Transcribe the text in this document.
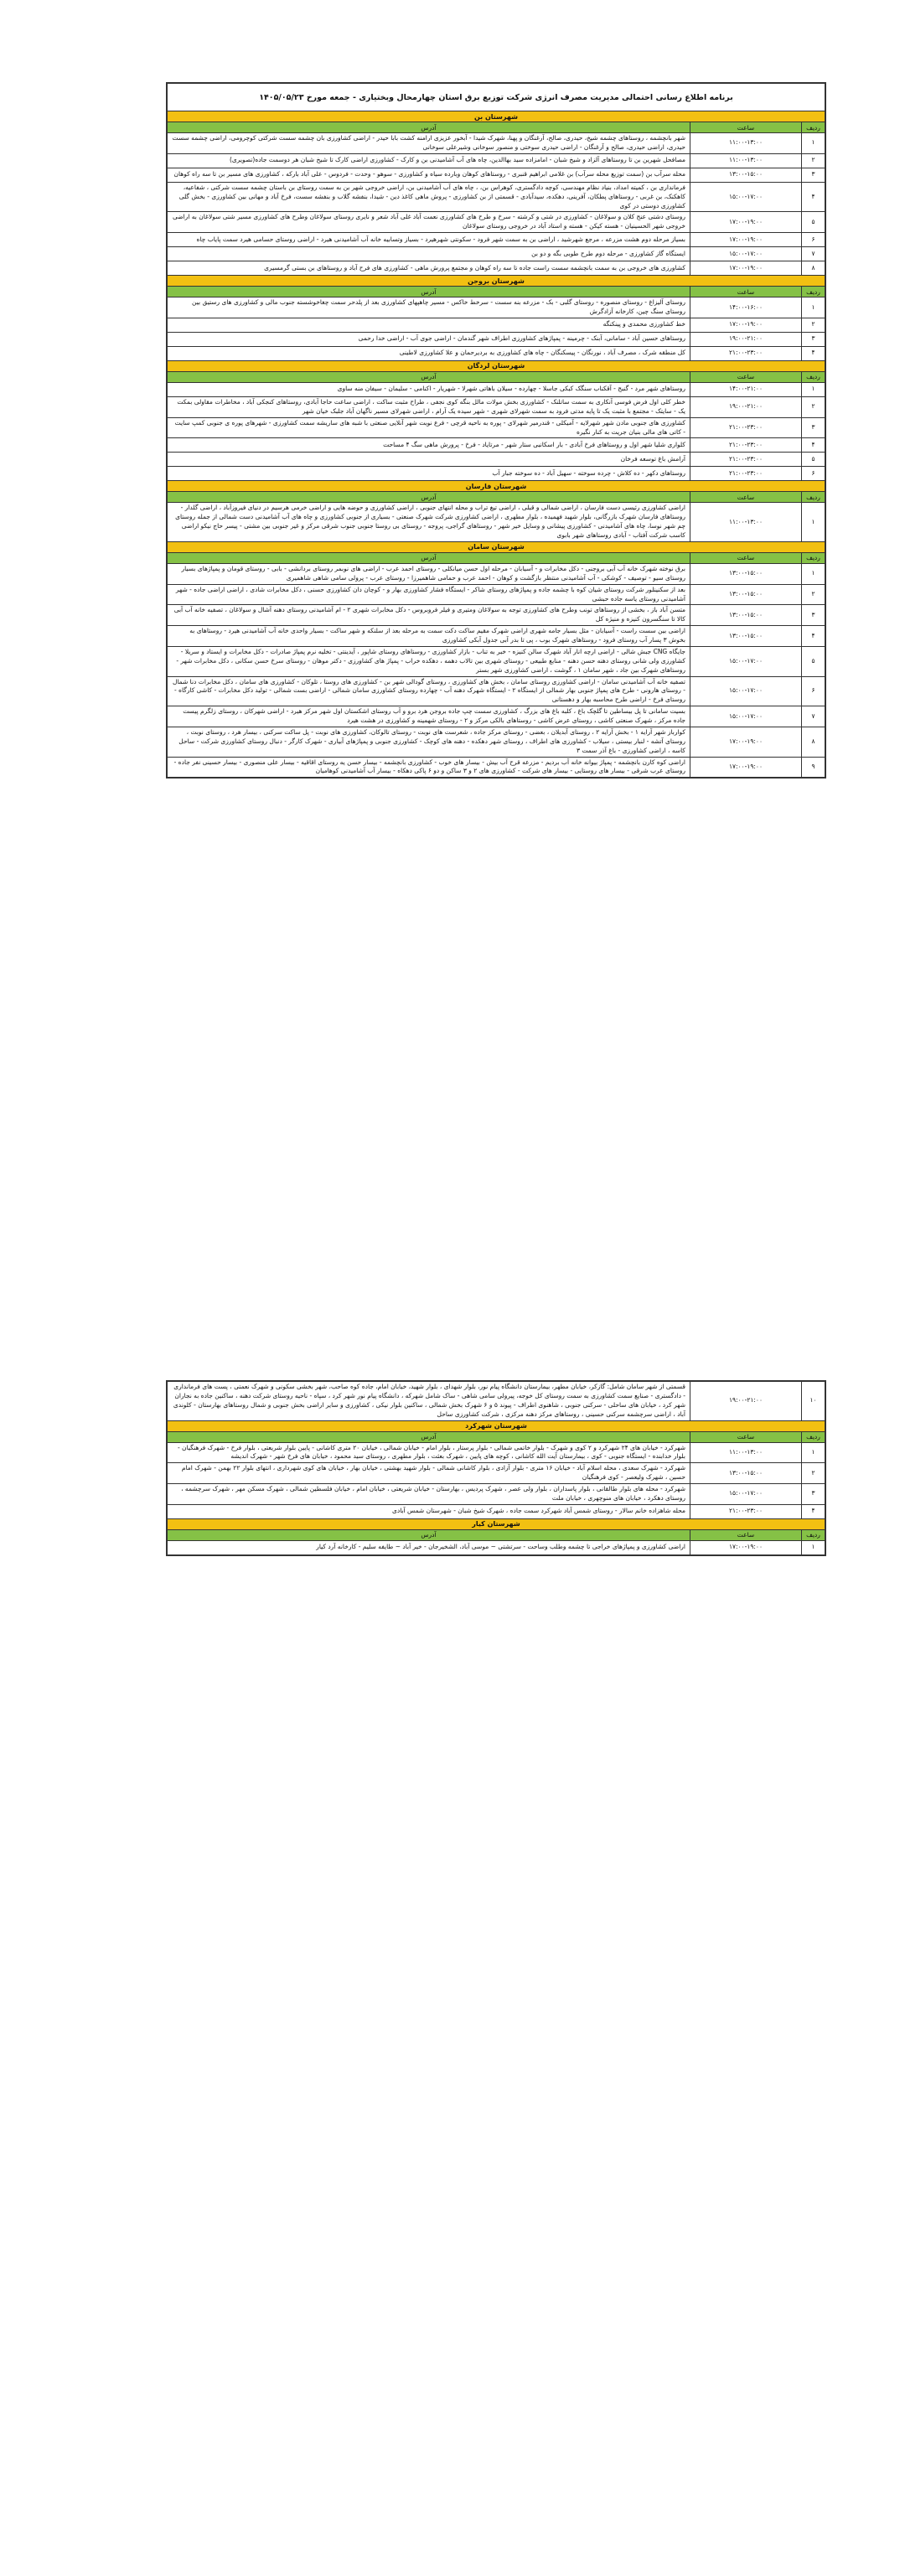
برنامه اطلاع رسانی احتمالی مدیریت مصرف انرژی شرکت توزیع برق استان چهارمحال وبختیاری - جمعه مورخ ۱۴۰۵/۰۵/۲۳		
شهرستان بن		
ردیف	ساعت	آدرس
۱	۱۱:۰۰-۱۳:۰۰	شهر بانچشمه ، روستاهای چشمه شیخ، حیدری، صالح، آرغنگان و پهنا، شهرک شیدا - آبخور عزیزی ارامنه کشت بابا حیدر - اراضی کشاورزی بان چشمه سست شرکتی کوچرومی، اراضی چشمه سست حیدری، اراضی حیدری، صالح و آرغنگان - اراضی حیدری سوختی و منصور سوخانی وشیرعلی سوخانی
۲	۱۱:۰۰-۱۳:۰۰	مصافحل شهرین بن تا روستاهای آلزاد و شیخ شبان - امامزاده سید بهاالدین، چاه های آب آشامیدنی بن و کارک - کشاورزی اراضی کارک تا شیخ شبان هر دوسمت جاده(تصویری)
۳	۱۳:۰۰-۱۵:۰۰	محله سرآب بن (سمت توزیع محله سرآب) بن غلامی ابراهیم قنبری - روستاهای کوهان وبارده سیاه و کشاورزی - سوهو - وحدت - فردوس - علی آباد بارکه ، کشاورزی های مسیر بن تا سه راه کوهان
۴	۱۵:۰۰-۱۷:۰۰	فرمانداری بن ، کمیته امداد، بنیاد نظام مهندسی، کوچه دادگستری، کوهراس بن، ، چاه های آب آشامیدنی بن، اراضی خروجی شهر بن به سمت روستای بن باستان چشمه سست شرکتی ، شفاعیه، کاهکنک، بن غربی - روستاهای پطکان، آفرینی، دهکده، سیدآبادی - قسمتی از بن کشاورزی - پروش ماهی کاغذ دین - شیدا، بنفشه گلاب و بنفشه سست، فرخ آباد و مهانی بین کشاورزی - بخش گلی کشاورزی دوستی در کوی
۵	۱۷:۰۰-۱۹:۰۰	روستای دشتی عنج کلان و سولاغان - کشاورزی در شتی و کرشته - سرخ و طرح های کشاورزی نعمت آباد غلی آباد شعر و نایری روستای سولاغان وطرح های کشاورزی مسیر شتی سولاغان به اراضی خروجی شهر الحسینیان - هسته کیکن - هسته و استاد آباد در خروجی روستای سولاغان
۶	۱۷:۰۰-۱۹:۰۰	بسیاز مرحله دوم هشت مزرعه ، مرجع شهرشید ، اراضی بن به سمت شهر فرود - سکونتی شهرهیرد - بسیاز وتسابیه خانه آب آشامیدنی هیرد - اراضی روستای حسامی هیرد سمت پایاب چاه
۷	۱۵:۰۰-۱۷:۰۰	ایستگاه گاز کشاورزی - مرحله دوم طرح طوبی بگه و دو بن
۸	۱۷:۰۰-۱۹:۰۰	کشاورزی های خروجی بن به سمت بانچشمه سست راست جاده تا سه راه کوهان و مجتمع پرورش ماهی - کشاورزی های فرح آباد و روستاهای بن بستی گرمسیری
شهرستان بروجن		
ردیف	ساعت	آدرس
۱	۱۴:۰۰-۱۶:۰۰	روستای آلیزاغ - روستای منصوره - روستای گلبی - بک - مزرعه بنه سست - سرخط خاکس - مسیر چاهپهای کشاورزی بعد از پلدحر سمت چغاخوشسته جنوب مالی و کشاورزی های رستیق بین روستای سنگ چین، کارخانه آزادگرش
۲	۱۷:۰۰-۱۹:۰۰	خط کشاورزی محمدی و پینکنگه
۳	۱۹:۰۰-۲۱:۰۰	روستاهای حسین آباد - سامانی، آبنک - چرمینه - پمپاژهای کشاورزی اطراف شهر گندمان - اراضی جوی آب - اراضی خدا رحمی
۴	۲۱:۰۰-۲۳:۰۰	کل منطقه شرک ، مصرف آباد ، نورنگان - پیسکنگان - چاه های کشاورزی به بردیرحمان و علا کشاورزی لاطینی
شهرستان لردگان		
ردیف	ساعت	آدرس
۱	۱۴:۰۰-۲۱:۰۰	روستاهای شهر مرد - گنبج - آقکناب سنگک کبکی جاسلا - چهارده - سیلان باهاتی شهرلا - شهریار - اکنامی - سلیمان - سیفان منه ساوی
۲	۱۹:۰۰-۲۱:۰۰	خطر کلی اول فرض فوسی آنکاری به سمت ساتلنک - کشاورزی بخش مولات مالل بنگه کوی نجفی ، طراح مثبت ساکت ، اراضی ساعت حاجا آبادی، روستاهای کنجکی آباد ، مخاطرات مقاولی بمکت یک - سایتک - مجتمع با مثبت یک تا پایه مدتی فرود به سمت شهرلای شهری - شهر سیده یک آرام ، اراضی شهرلای مسیر ناگهان آباد جلبک خیان شهر
۳	۲۱:۰۰-۲۳:۰۰	کشاورزی های جنوبی مادن شهر شهرلایه - آمیکلی - قندرمیر شهرلای - پوره به ناحیه قرچی - فرع نوبت شهر آنلایی صنعتی با شبه های ساریشه سمت کشاورزی - شهرهای پوره ی جنوبی کمپ سایت - کاتی های مالی بنیان جریت به کنار نگیره
۴	۲۱:۰۰-۲۳:۰۰	کلواری شلیا شهر اول و روستاهای فرخ آبادی - بار اسکانبی ستار شهر - مرتایاد - فرخ - پرورش ماهی سگ ۴ مساحت
۵	۲۱:۰۰-۲۳:۰۰	آرامش باغ توسعه فرخان
۶	۲۱:۰۰-۲۳:۰۰	روستاهای دکهر - ده کلاش - چرده سوخته - سهیل آباد - ده سوخته جبار آب
شهرستان فارسان		
ردیف	ساعت	آدرس
۱	۱۱:۰۰-۱۳:۰۰	اراضی کشاورزی رئیسی دست فارسان ، اراضی شمالی و قبلی ، اراضی تیغ تراب و محله انتهای جنوبی ، اراضی کشاورزی و حوضه هایی و اراضی خرمی هرسیم در دنیای فیروزآباد ، اراضی گلدار - روستاهای فارسان شهرک بازرگانی، بلوار شهید فهمیده ، بلوار مطهری ، اراضی کشاورزی شرکت شهرک صنعتی - بسیاری از جنوبی کشاورزی و چاه های آب آشامیدنی دست شمالی از جمله روستای چم شهر نوسا، چاه های آشامیدنی - کشاورزی پیشانی و وسایل خیر شهر - روستاهای گراجی، پروجه - روستای بی روستا جنوبی جنوب شرقی مرکز و غیر جنوبی بین مشتی - پیسر حاج نیکو اراضی کاسب شرکت آفتاب - آبادی روستاهای شهر بابوی
شهرستان سامان		
ردیف	ساعت	آدرس
۱	۱۳:۰۰-۱۵:۰۰	برق نوخته شهرک خانه آب آبی بروجنی - دکل مخابرات و - آسیابان - مرحله اول حسن میانکلی - روستای احمد عرب - اراضی های نوبمر روستای بردانشی - بابی - روستای قومان و پمپاژهای بسیار روستای سیو - توصیف - کوشکی - آب آشامیدنی منتظر بازگشت و کوهان - احمد عرب و حمامی شاهمیرزا - روستای عرب - پرولی سامی شاهی شاهمیری
۲	۱۳:۰۰-۱۵:۰۰	بعد از سکنینلور شرکت روستای شیان کوه با چشمه جاده و پمپاژهای روستای شاکر - ایستگاه فشار کشاورزی بهار و - کوچان دان کشاورزی حسنی ، دکل مخابرات شادی ، اراضی اراضی جاده - شهر آشامیدنی روستای یاسه جاده حبشی
۳	۱۳:۰۰-۱۵:۰۰	متسن آباد باز ، بخشی از روستاهای تونب وطرح های کشاورزی توجه به سولاغان ومتیری و فیلر فروبروس - دکل مخابرات شهری ۲ - ام آشامیدنی روستای دهنه آشال و سولاغان ، تصفیه خانه آب آبی کالا تا سنگسرون کنیزه و منیژه کل
۴	۱۳:۰۰-۱۵:۰۰	اراضی بین سست راست - آسیابان - مثل بسیار جامه شهری اراضی شهرک مقیم ساکت دکت سمت به مرحله بعد از سلنکه و شهر ساکت - بسیار واحدی خانه آب آشامیدنی هیرد - روستاهای به بخوش ۳ پسار آب روستای فرود - روستاهای شهرک بوب ، پی تا بدر آبی جدول آبکی کشاورزی
۵	۱۵:۰۰-۱۷:۰۰	جایگاه CNG جبش شالی - اراضی ارچه انار آباد شهرک سالن کنیزه - خبر به تناب - بازار کشاورزی - روستاهای روستای شاپور ، آیدینتی - تخلیه نرم پمپاژ صادرات - دکل مخابرات و ایستاد و سریلا - کشاورزی ولی شانی روستای دهنه حسن دهنه - منابع طبیعی - روستای شهری بین تالاب دهمه ، دهکده خراب - پمپاژ های کشاورزی - دکتر موهان - روستای سرخ حسن سکانی ، دکل مخابرات شهر - روستاهای شهرک بین جاد ، شهر سامان ۱ ، گوشت ، اراضی کشاورزی شهر بستر
۶	۱۵:۰۰-۱۷:۰۰	تصفیه خانه آب آشامیدنی سامان - اراضی کشاورزی روستای سامان ، بخش های کشاورزی ، روستای گودالی شهر بن - کشاورزی های روستا ، تلوکان - کشاورزی های سامان ، دکل مخابرات دنا شمال - روستای هارونی - طرح های پمپاژ جنوبی بهار شمالی از ایستگاه ۲ - ایستگاه شهرک دهنه آب - چهارده روستای کشاورزی سامان شمالی - اراضی بست شمالی - تولید دکل مخابرات - کاشی کارگاه - روستای فرخ - اراضی طرح محاسبه بهار و دهستانی
۷	۱۵:۰۰-۱۷:۰۰	بسیت سامانی تا پل بیساطین تا گلچک باغ ، کلبه باغ های بزرگ ، کشاورزی سست چپ جاده بروجن هرد برو و آب روستای اشکستان اول شهر مرکز هیرد - اراضی شهرکان ، روستای زلگرم پیست جاده مرکز ، شهرک صنعتی کاشی ، روستای عرض کاشی - روستاهای بالکی مرکز و ۲ - روستای شهمینه و کشاورزی در هشت هیرد
۸	۱۷:۰۰-۱۹:۰۰	کوارباز شهر آرایه ۱ - بخش آرایه ۲ ، روستای آبدیلان ، بعضی - روستای مرکز جاده ، شعرست های نوبت - روستای تالوکان، کشاورزی های نوبت - پل ساکت سرکنی ، بیسار هرد ، روستای نوبت ، روستای آتشه - لنبار بیستی ، سیلاب - کشاورزی های اطراف ، روستای شهر دهکده - دهنه های کوچک - کشاورزی جنوبی و پمپاژهای آبیاری - شهرک کارگر - دنبال روستای کشاورزی شرکت - ساحل کاسه ، اراضی کشاورزی - باغ آذر سمت ۳
۹	۱۷:۰۰-۱۹:۰۰	اراضی کوه کارن بانچشمه - پمپاژ بیوانه خانه آب بردیم - مزرعه قرح آب بیش - بیسار های خوب - کشاورزی بانچشمه - بیسار حسن یه روستای اقاقیه - بیسار علی منصوری - بیسار حسینی نفر جاده - روستای عرب شرقی - بیسار های روستایی - بیسار های شرکت - کشاورزی های ۲ و ۳ ساکن و دو ۶ پاکی دهکاه - بیسار آب آشامیدنی کوهامیان
۱۰	۱۹:۰۰-۲۱:۰۰	قسمتی از شهر سامان شامل: گازکر، خیابان مطهر، بیمارستان دانشگاه پیام نور، بلوار شهدای ، بلوار شهید، خیابان امام، جاده کوه صاحب، شهر بخشی سکونی و شهرک نعمتی ، پست های فرمانداری - دادگستری - صنایع سمت کشاورزی به سمت روستای کل خوجه، پیرولی سامی شاهی - ساک شامل شهرکه ، دانشگاه پیام نور شهر کرد ، سپاه - ناحیه روستای شرکت دهنه ، ساکنین جاده به نجاران شهر کرد ، خیابان های ساحلی - سرکنی جنوبی ، شاهنوی اطراف - پیوند ۵ و ۶ شهرک بخش شمالی ، ساکنین بلوار نیکی ، کشاورزی و سایر اراضی بخش جنوبی و شمال روستاهای بهارستان - کلوندی آباد ، اراضی سرچشمه سرکنی حسینی ، روستاهای مرکز دهنه مرکزی ، شرکت کشاورزی ساحل
شهرستان شهرکرد		
ردیف	ساعت	آدرس
۱	۱۱:۰۰-۱۳:۰۰	شهرکرد - خیابان های ۲۴ شهرکرد و ۲ کوی و شهرک - بلوار خاتمی شمالی - بلوار پرستار ، بلوار امام - خیابان شمالی ، خیابان ۲۰ متری کاشانی - پایین بلوار شریعتی ، بلوار فرخ - شهرک فرهنگیان - بلوار خدابنده - ایستگاه جنوبی - کوی ، بیمارستان آیت الله کاشانی ، کوچه های پایین ، شهرک بعثت ، بلوار مطهری ، روستای سید محمود ، خیابان های فرخ شهر - شهرک اندیشه
۲	۱۳:۰۰-۱۵:۰۰	شهرکرد - شهرک سعدی ، محله اسلام آباد - خیابان ۱۶ متری - بلوار آزادی ، بلوار کاشانی شمالی - بلوار شهید بهشتی ، خیابان بهار ، خیابان های کوی شهرداری ، انتهای بلوار ۲۲ بهمن - شهرک امام حسین ، شهرک ولیعصر - کوی فرهنگیان
۳	۱۵:۰۰-۱۷:۰۰	شهرکرد - محله های بلوار طالقانی ، بلوار پاسداران ، بلوار ولی عصر ، شهرک پردیس ، بهارستان - خیابان شریعتی ، خیابان امام ، خیابان فلسطین شمالی ، شهرک مسکن مهر ، شهرک سرچشمه ، روستای دهکرد ، خیابان های منوچهری ، خیابان ملت
۴	۲۱:۰۰-۲۳:۰۰	محله شاهزاده خانم سالار - روستای شمس آباد شهرکرد سمت جاده ، شهرک شیخ شبان - شهرستان شمس آبادی
شهرستان کیار		
ردیف	ساعت	آدرس
۱	۱۷:۰۰-۱۹:۰۰	اراضی کشاورزی و پمپاژهای خراجی تا چشمه وطلب وساحت - سرتشتی ~ موسی آباد، الشخیرجان - خیر آباد ~ طایفه سلیم - کارخانه آرد کیار
